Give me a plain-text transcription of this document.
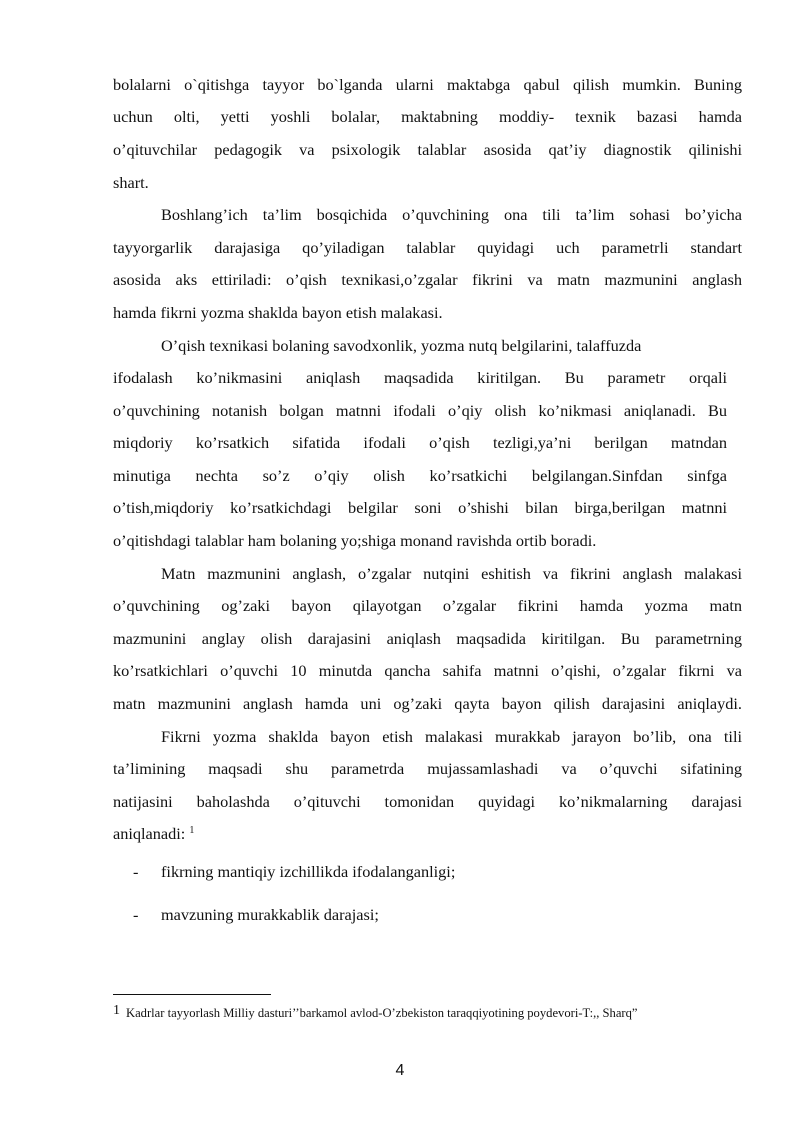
bolalarni o`qitishga tayyor bo`lganda ularni maktabga qabul qilish mumkin. Buning
uchun olti, yetti yoshli bolalar, maktabning moddiy- texnik bazasi hamda
o’qituvchilar pedagogik va psixologik talablar asosida qat’iy diagnostik qilinishi
shart.
Boshlang’ich ta’lim bosqichida o’quvchining ona tili ta’lim sohasi bo’yicha
tayyorgarlik darajasiga qo’yiladigan talablar quyidagi uch parametrli standart
asosida aks ettiriladi: o’qish texnikasi,o’zgalar fikrini va matn mazmunini anglash
hamda fikrni yozma shaklda bayon etish malakasi.
O’qish texnikasi bolaning savodxonlik, yozma nutq belgilarini, talaffuzda
ifodalash ko’nikmasini aniqlash maqsadida kiritilgan. Bu parametr orqali
o’quvchining notanish bolgan matnni ifodali o’qiy olish ko’nikmasi aniqlanadi. Bu
miqdoriy ko’rsatkich sifatida ifodali o’qish tezligi,ya’ni berilgan matndan
minutiga nechta so’z o’qiy olish ko’rsatkichi belgilangan.Sinfdan sinfga
o’tish,miqdoriy ko’rsatkichdagi belgilar soni o’shishi bilan birga,berilgan matnni
o’qitishdagi talablar ham bolaning yo;shiga monand ravishda ortib boradi.
Matn mazmunini anglash, o’zgalar nutqini eshitish va fikrini anglash malakasi
o’quvchining og’zaki bayon qilayotgan o’zgalar fikrini hamda yozma matn
mazmunini anglay olish darajasini aniqlash maqsadida kiritilgan. Bu parametrning
ko’rsatkichlari o’quvchi 10 minutda qancha sahifa matnni o’qishi, o’zgalar fikrni va
matn mazmunini anglash hamda uni og’zaki qayta bayon qilish darajasini aniqlaydi.
Fikrni yozma shaklda bayon etish malakasi murakkab jarayon bo’lib, ona tili
ta’limining maqsadi shu parametrda mujassamlashadi va o’quvchi sifatining
natijasini baholashda o’qituvchi tomonidan quyidagi ko’nikmalarning darajasi
aniqlanadi: $^1$
- fikrning mantiqiy izchillikda ifodalanganligi;
- mavzuning murakkablik darajasi;
1 Kadrlar tayyorlash Milliy dasturi’’barkamol avlod-O’zbekiston taraqqiyotining poydevori-T:,, Sharq”
4
